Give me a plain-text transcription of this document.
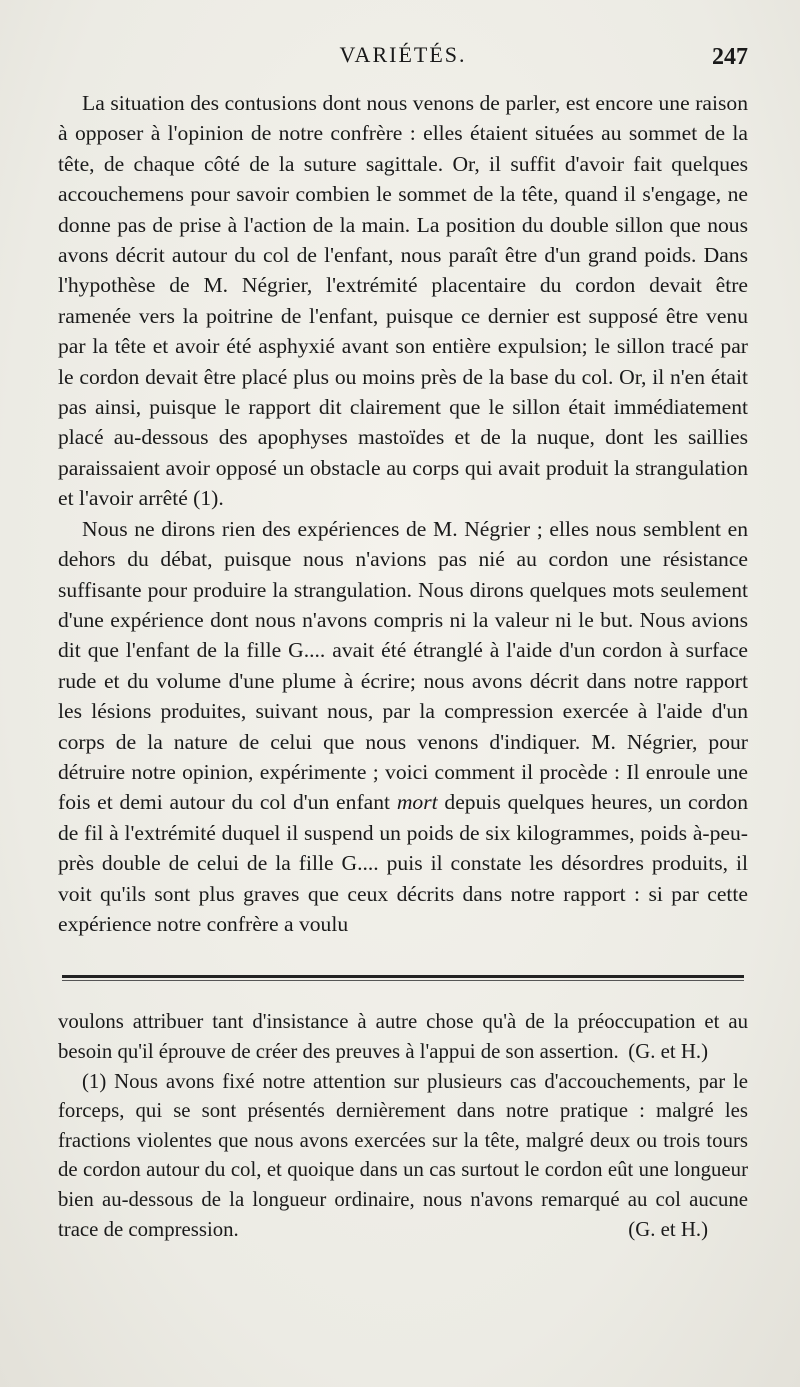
VARIÉTÉS.	247

La situation des contusions dont nous venons de parler, est encore une raison à opposer à l'opinion de notre confrère : elles étaient situées au sommet de la tête, de chaque côté de la suture sagittale. Or, il suffit d'avoir fait quelques accouchemens pour savoir combien le sommet de la tête, quand il s'engage, ne donne pas de prise à l'action de la main. La position du double sillon que nous avons décrit autour du col de l'enfant, nous paraît être d'un grand poids. Dans l'hypothèse de M. Négrier, l'extrémité placentaire du cordon devait être ramenée vers la poitrine de l'enfant, puisque ce dernier est supposé être venu par la tête et avoir été asphyxié avant son entière expulsion; le sillon tracé par le cordon devait être placé plus ou moins près de la base du col. Or, il n'en était pas ainsi, puisque le rapport dit clairement que le sillon était immédiatement placé au-dessous des apophyses mastoïdes et de la nuque, dont les saillies paraissaient avoir opposé un obstacle au corps qui avait produit la strangulation et l'avoir arrêté (1).

Nous ne dirons rien des expériences de M. Négrier ; elles nous semblent en dehors du débat, puisque nous n'avions pas nié au cordon une résistance suffisante pour produire la strangulation. Nous dirons quelques mots seulement d'une expérience dont nous n'avons compris ni la valeur ni le but. Nous avions dit que l'enfant de la fille G.... avait été étranglé à l'aide d'un cordon à surface rude et du volume d'une plume à écrire; nous avons décrit dans notre rapport les lésions produites, suivant nous, par la compression exercée à l'aide d'un corps de la nature de celui que nous venons d'indiquer. M. Négrier, pour détruire notre opinion, expérimente ; voici comment il procède : Il enroule une fois et demi autour du col d'un enfant mort depuis quelques heures, un cordon de fil à l'extrémité duquel il suspend un poids de six kilogrammes, poids à-peu-près double de celui de la fille G.... puis il constate les désordres produits, il voit qu'ils sont plus graves que ceux décrits dans notre rapport : si par cette expérience notre confrère a voulu

voulons attribuer tant d'insistance à autre chose qu'à de la préoccupation et au besoin qu'il éprouve de créer des preuves à l'appui de son assertion. (G. et H.)

(1) Nous avons fixé notre attention sur plusieurs cas d'accouchements, par le forceps, qui se sont présentés dernièrement dans notre pratique : malgré les fractions violentes que nous avons exercées sur la tête, malgré deux ou trois tours de cordon autour du col, et quoique dans un cas surtout le cordon eût une longueur bien au-dessous de la longueur ordinaire, nous n'avons remarqué au col aucune trace de compression.	(G. et H.)
